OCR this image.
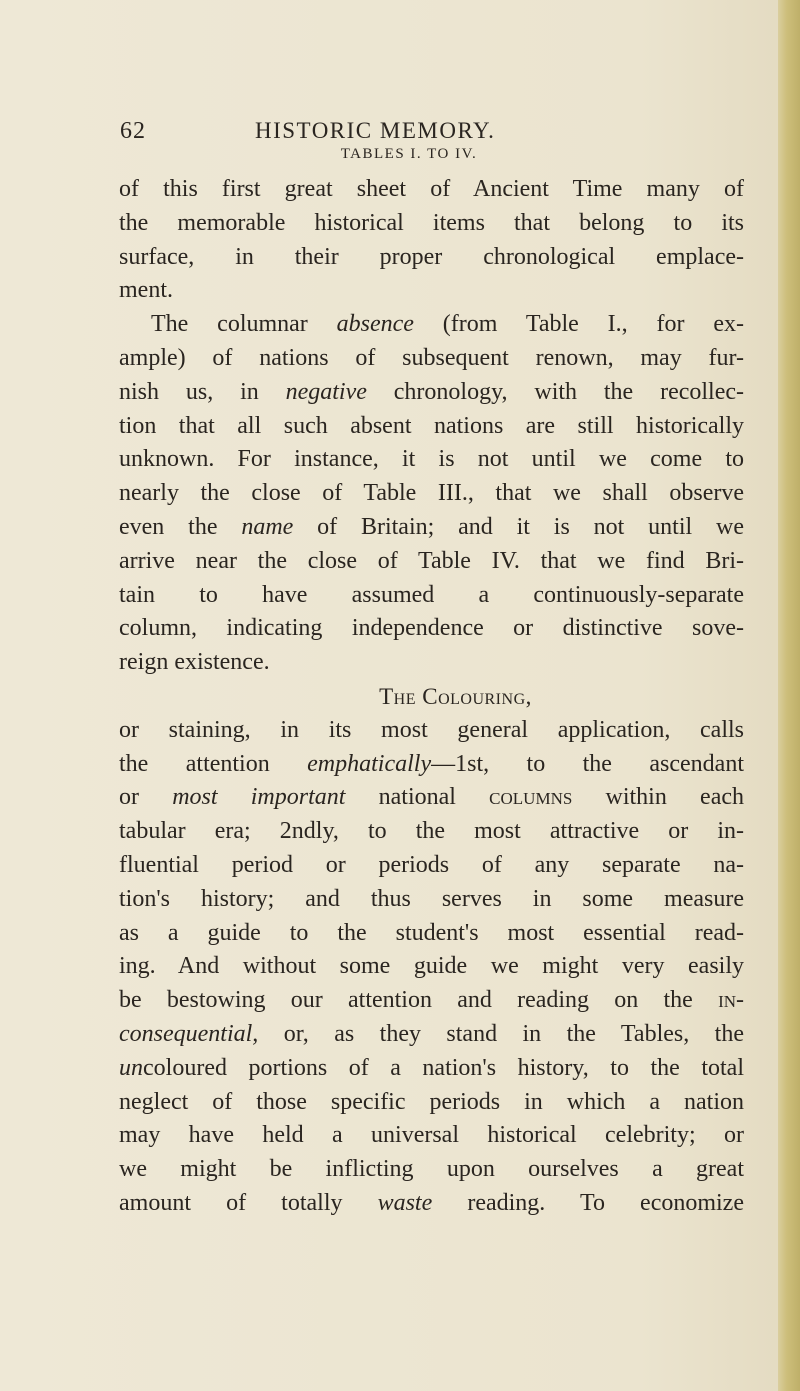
62	HISTORIC MEMORY.
TABLES I. TO IV.
of this first great sheet of Ancient Time many of
the memorable historical items that belong to its
surface, in their proper chronological emplace-
ment.
The columnar absence (from Table I., for ex-
ample) of nations of subsequent renown, may fur-
nish us, in negative chronology, with the recollec-
tion that all such absent nations are still historically
unknown. For instance, it is not until we come to
nearly the close of Table III., that we shall observe
even the name of Britain; and it is not until we
arrive near the close of Table IV. that we find Bri-
tain to have assumed a continuously-separate
column, indicating independence or distinctive sove-
reign existence.
The Colouring,
or staining, in its most general application, calls
the attention emphatically—1st, to the ascendant
or most important national columns within each
tabular era; 2ndly, to the most attractive or in-
fluential period or periods of any separate na-
tion's history; and thus serves in some measure
as a guide to the student's most essential read-
ing. And without some guide we might very easily
be bestowing our attention and reading on the in-
consequential, or, as they stand in the Tables, the
uncoloured portions of a nation's history, to the total
neglect of those specific periods in which a nation
may have held a universal historical celebrity; or
we might be inflicting upon ourselves a great
amount of totally waste reading. To economize
